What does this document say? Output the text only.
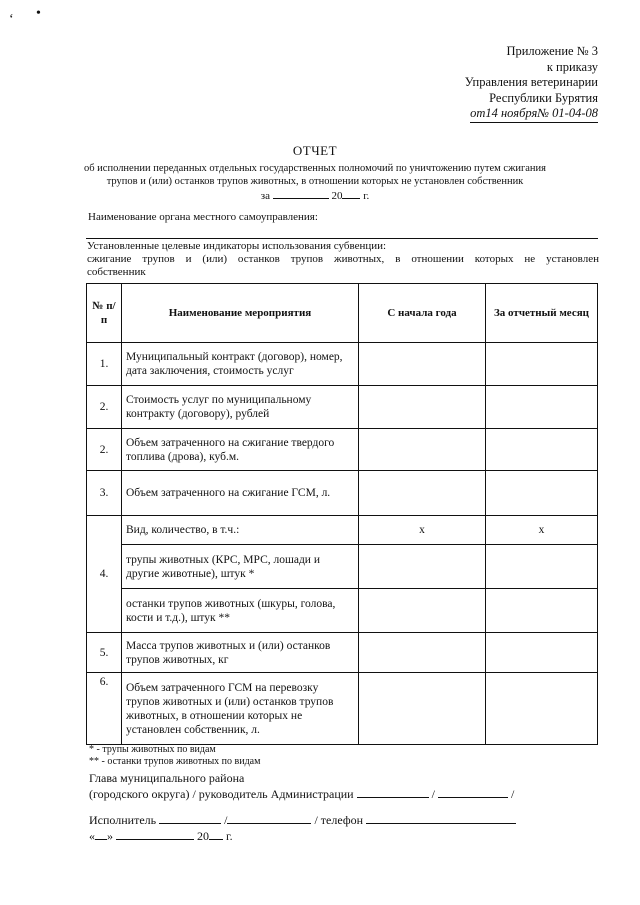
‘ •
Приложение № 3
к приказу
Управления ветеринарии
Республики Бурятия
от14 ноября№ 01-04-08
ОТЧЕТ
об исполнении переданных отдельных государственных полномочий по уничтожению путем сжигания трупов и (или) останков трупов животных, в отношении которых не установлен собственник
за	20 г.
Наименование органа местного самоуправления:
Установленные целевые индикаторы использования субвенции:
сжигание трупов и (или) останков трупов животных, в отношении которых не установлен
собственник
№ п/п	Наименование мероприятия	С начала года	За отчетный месяц
1.	Муниципальный контракт (договор), номер, дата заключения, стоимость услуг		
2.	Стоимость услуг по муниципальному контракту (договору), рублей		
2.	Объем затраченного на сжигание твердого топлива (дрова), куб.м.		
3.	Объем затраченного на сжигание ГСМ, л.		
4.	Вид, количество, в т.ч.:	x	x
	трупы животных (КРС, МРС, лошади и другие животные), штук *		
	останки трупов животных (шкуры, голова, кости и т.д.), штук **		
5.	Масса трупов животных и (или) останков трупов животных, кг		
6.	Объем затраченного ГСМ на перевозку трупов животных и (или) останков трупов животных, в отношении которых не установлен собственник, л.		
* - трупы животных по видам
** - останки трупов животных по видам
Глава муниципального района
(городского округа) / руководитель Администрации	/	/
Исполнитель	/	/ телефон
« »	20 г.
